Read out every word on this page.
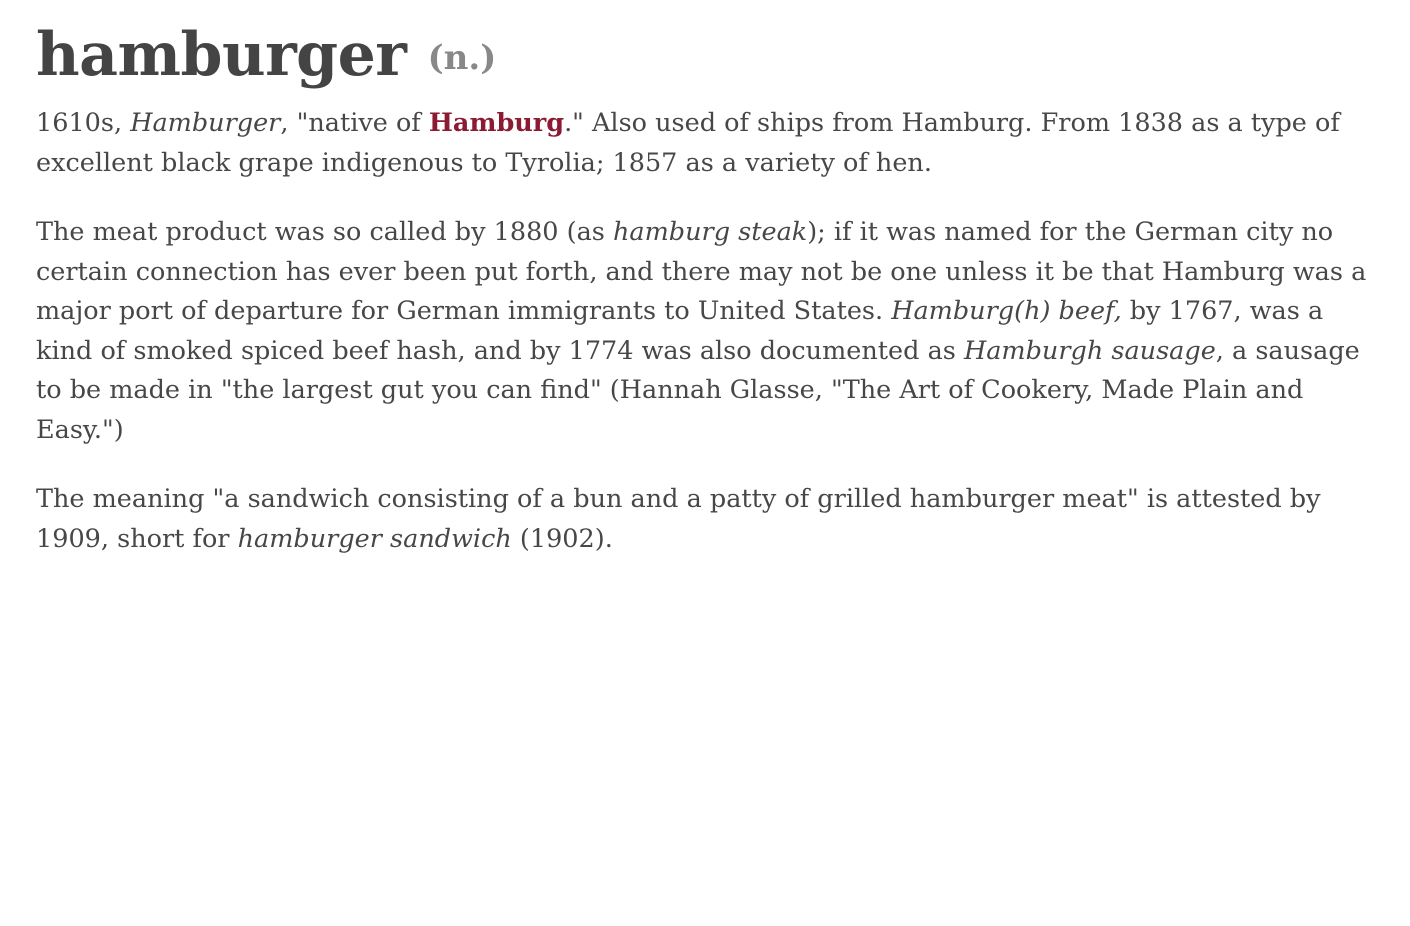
hamburger (n.)

1610s, Hamburger, "native of Hamburg." Also used of ships from Hamburg. From 1838 as a type of excellent black grape indigenous to Tyrolia; 1857 as a variety of hen.

The meat product was so called by 1880 (as hamburg steak); if it was named for the German city no certain connection has ever been put forth, and there may not be one unless it be that Hamburg was a major port of departure for German immigrants to United States. Hamburg(h) beef, by 1767, was a kind of smoked spiced beef hash, and by 1774 was also documented as Hamburgh sausage, a sausage to be made in "the largest gut you can find" (Hannah Glasse, "The Art of Cookery, Made Plain and Easy.")

The meaning "a sandwich consisting of a bun and a patty of grilled hamburger meat" is attested by 1909, short for hamburger sandwich (1902).
